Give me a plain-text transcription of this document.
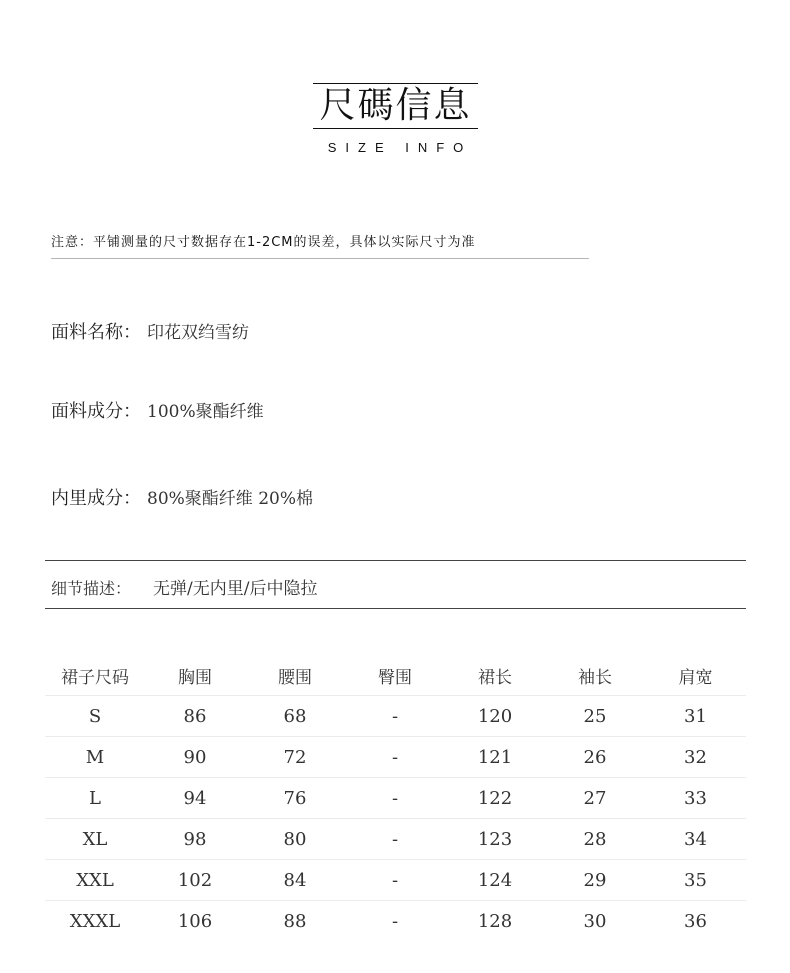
尺碼信息
SIZE INFO
注意：平铺测量的尺寸数据存在1-2CM的误差，具体以实际尺寸为准
面料名称： 印花双绉雪纺
面料成分： 100%聚酯纤维
内里成分： 80%聚酯纤维 20%棉
细节描述： 无弹/无内里/后中隐拉
裙子尺码	胸围	腰围	臀围	裙长	袖长	肩宽
S	86	68	-	120	25	31
M	90	72	-	121	26	32
L	94	76	-	122	27	33
XL	98	80	-	123	28	34
XXL	102	84	-	124	29	35
XXXL	106	88	-	128	30	36
